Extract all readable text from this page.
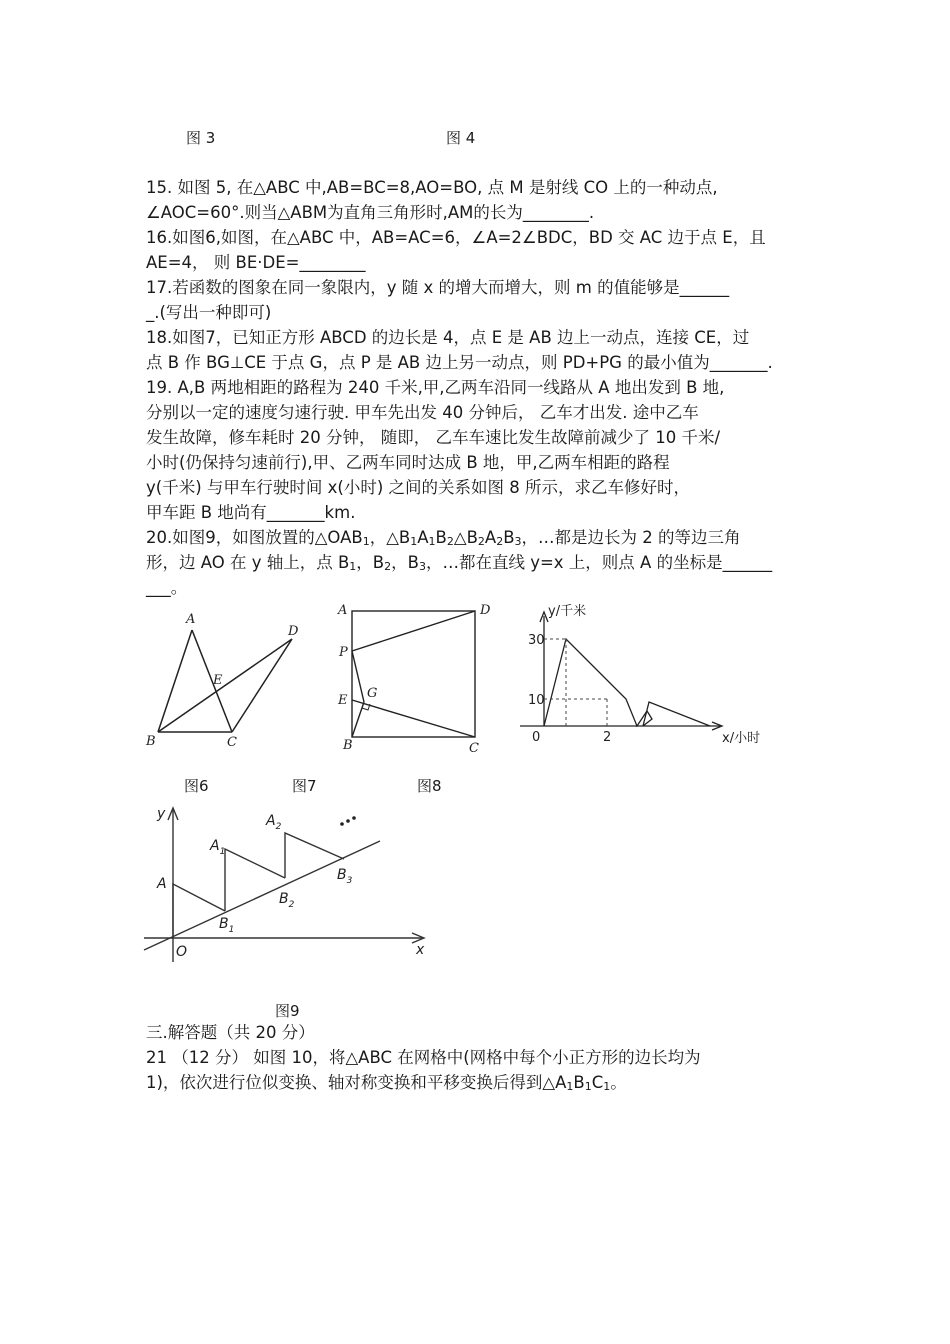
图 3	图 4

15. 如图 5, 在△ABC 中,AB=BC=8,AO=BO, 点 M 是射线 CO 上的一种动点,

∠AOC=60°.则当△ABM为直角三角形时,AM的长为________.

16.如图6,如图，在△ABC 中，AB=AC=6，∠A=2∠BDC，BD 交 AC 边于点 E，且

AE=4， 则 BE·DE=________

17.若函数的图象在同一象限内，y 随 x 的增大而增大，则 m 的值能够是______

_.(写出一种即可)

18.如图7，已知正方形 ABCD 的边长是 4，点 E 是 AB 边上一动点，连接 CE，过

点 B 作 BG⊥CE 于点 G，点 P 是 AB 边上另一动点，则 PD+PG 的最小值为_______.

19. A,B 两地相距的路程为 240 千米,甲,乙两车沿同一线路从 A 地出发到 B 地,

分别以一定的速度匀速行驶. 甲车先出发 40 分钟后， 乙车才出发. 途中乙车

发生故障，修车耗时 20 分钟， 随即， 乙车车速比发生故障前减少了 10 千米/

小时(仍保持匀速前行),甲、乙两车同时达成 B 地，甲,乙两车相距的路程

y(千米) 与甲车行驶时间 x(小时) 之间的关系如图 8 所示，求乙车修好时，

甲车距 B 地尚有_______km.

20.如图9，如图放置的$\triangle OAB_1$，$\triangle B_1A_1B_2\triangle B_2A_2B_3$，…都是边长为 2 的等边三角

形，边 AO 在 y 轴上，点 $B_1$，$B_2$，$B_3$，…都在直线 y=x 上，则点 A 的坐标是______

___。

A
B	C
D
E
A	D
P
E G
B	C
y/千米
x/小时
30
10
0	2
图6	图7	图8
y
x
O
A
$A_1$
$A_2$
$B_1$
$B_2$
$B_3$
图9

三.解答题（共 20 分）

21 （12 分） 如图 10，将△ABC 在网格中(网格中每个小正方形的边长均为

1)，依次进行位似变换、轴对称变换和平移变换后得到$\triangle A_1B_1C_1$。
